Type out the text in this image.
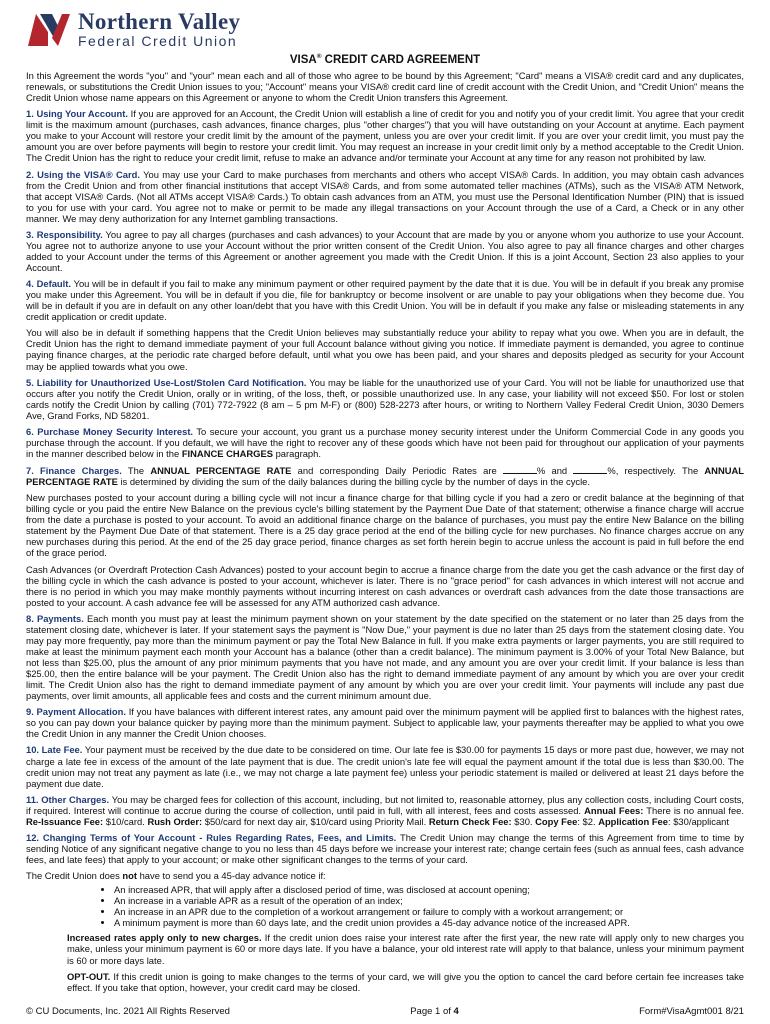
Northern Valley
Federal Credit Union
VISA® CREDIT CARD AGREEMENT

In this Agreement the words "you" and "your" mean each and all of those who agree to be bound by this Agreement; "Card" means a VISA® credit card and any duplicates, renewals, or substitutions the Credit Union issues to you; "Account" means your VISA® credit card line of credit account with the Credit Union, and "Credit Union" means the Credit Union whose name appears on this Agreement or anyone to whom the Credit Union transfers this Agreement.

1. Using Your Account. If you are approved for an Account, the Credit Union will establish a line of credit for you and notify you of your credit limit. You agree that your credit limit is the maximum amount (purchases, cash advances, finance charges, plus "other charges") that you will have outstanding on your Account at anytime. Each payment you make to your Account will restore your credit limit by the amount of the payment, unless you are over your credit limit. If you are over your credit limit, you must pay the amount you are over before payments will begin to restore your credit limit. You may request an increase in your credit limit only by a method acceptable to the Credit Union. The Credit Union has the right to reduce your credit limit, refuse to make an advance and/or terminate your Account at any time for any reason not prohibited by law.

2. Using the VISA® Card. You may use your Card to make purchases from merchants and others who accept VISA® Cards. In addition, you may obtain cash advances from the Credit Union and from other financial institutions that accept VISA® Cards, and from some automated teller machines (ATMs), such as the VISA® ATM Network, that accept VISA® Cards. (Not all ATMs accept VISA® Cards.) To obtain cash advances from an ATM, you must use the Personal Identification Number (PIN) that is issued to you for use with your card. You agree not to make or permit to be made any illegal transactions on your Account through the use of a Card, a Check or in any other manner. We may deny authorization for any Internet gambling transactions.

3. Responsibility. You agree to pay all charges (purchases and cash advances) to your Account that are made by you or anyone whom you authorize to use your Account. You agree not to authorize anyone to use your Account without the prior written consent of the Credit Union. You also agree to pay all finance charges and other charges added to your Account under the terms of this Agreement or another agreement you made with the Credit Union. If this is a joint Account, Section 23 also applies to your Account.

4. Default. You will be in default if you fail to make any minimum payment or other required payment by the date that it is due. You will be in default if you break any promise you make under this Agreement. You will be in default if you die, file for bankruptcy or become insolvent or are unable to pay your obligations when they become due. You will be in default if you are in default on any other loan/debt that you have with this Credit Union. You will be in default if you make any false or misleading statements in any credit application or credit update.

You will also be in default if something happens that the Credit Union believes may substantially reduce your ability to repay what you owe. When you are in default, the Credit Union has the right to demand immediate payment of your full Account balance without giving you notice. If immediate payment is demanded, you agree to continue paying finance charges, at the periodic rate charged before default, until what you owe has been paid, and your shares and deposits pledged as security for your Account may be applied towards what you owe.

5. Liability for Unauthorized Use-Lost/Stolen Card Notification. You may be liable for the unauthorized use of your Card. You will not be liable for unauthorized use that occurs after you notify the Credit Union, orally or in writing, of the loss, theft, or possible unauthorized use. In any case, your liability will not exceed $50. For lost or stolen cards notify the Credit Union by calling (701) 772-7922 (8 am – 5 pm M-F) or (800) 528-2273 after hours, or writing to Northern Valley Federal Credit Union, 3030 Demers Ave, Grand Forks, ND 58201.

6. Purchase Money Security Interest. To secure your account, you grant us a purchase money security interest under the Uniform Commercial Code in any goods you purchase through the account. If you default, we will have the right to recover any of these goods which have not been paid for throughout our application of your payments in the manner described below in the FINANCE CHARGES paragraph.

7. Finance Charges. The ANNUAL PERCENTAGE RATE and corresponding Daily Periodic Rates are	% and	%, respectively. The ANNUAL PERCENTAGE RATE is determined by dividing the sum of the daily balances during the billing cycle by the number of days in the cycle.

New purchases posted to your account during a billing cycle will not incur a finance charge for that billing cycle if you had a zero or credit balance at the beginning of that billing cycle or you paid the entire New Balance on the previous cycle's billing statement by the Payment Due Date of that statement; otherwise a finance charge will accrue from the date a purchase is posted to your account. To avoid an additional finance charge on the balance of purchases, you must pay the entire New Balance on the billing statement by the Payment Due Date of that statement. There is a 25 day grace period at the end of the billing cycle for new purchases. No finance charges accrue on any new purchases during this period. At the end of the 25 day grace period, finance charges as set forth herein begin to accrue unless the account is paid in full before the end of the grace period.

Cash Advances (or Overdraft Protection Cash Advances) posted to your account begin to accrue a finance charge from the date you get the cash advance or the first day of the billing cycle in which the cash advance is posted to your account, whichever is later. There is no "grace period" for cash advances in which interest will not accrue and there is no period in which you may make monthly payments without incurring interest on cash advances or overdraft cash advances from the date those transactions are posted to your account. A cash advance fee will be assessed for any ATM authorized cash advance.

8. Payments. Each month you must pay at least the minimum payment shown on your statement by the date specified on the statement or no later than 25 days from the statement closing date, whichever is later. If your statement says the payment is "Now Due," your payment is due no later than 25 days from the statement closing date. You may pay more frequently, pay more than the minimum payment or pay the Total New Balance in full. If you make extra payments or larger payments, you are still required to make at least the minimum payment each month your Account has a balance (other than a credit balance). The minimum payment is 3.00% of your Total New Balance, but not less than $25.00, plus the amount of any prior minimum payments that you have not made, and any amount you are over your credit limit. If your balance is less than $25.00, then the entire balance will be your payment. The Credit Union also has the right to demand immediate payment of any amount by which you are over your credit limit. The Credit Union also has the right to demand immediate payment of any amount by which you are over your credit limit. Your payments will include any past due payments, over limit amounts, all applicable fees and costs and the current minimum amount due.

9. Payment Allocation. If you have balances with different interest rates, any amount paid over the minimum payment will be applied first to balances with the highest rates, so you can pay down your balance quicker by paying more than the minimum payment. Subject to applicable law, your payments thereafter may be applied to what you owe the Credit Union in any manner the Credit Union chooses.

10. Late Fee. Your payment must be received by the due date to be considered on time. Our late fee is $30.00 for payments 15 days or more past due, however, we may not charge a late fee in excess of the amount of the late payment that is due. The credit union's late fee will equal the payment amount if the total due is less than $30.00. The credit union may not treat any payment as late (i.e., we may not charge a late payment fee) unless your periodic statement is mailed or delivered at least 21 days before the payment due date.

11. Other Charges. You may be charged fees for collection of this account, including, but not limited to, reasonable attorney, plus any collection costs, including Court costs, if required. Interest will continue to accrue during the course of collection, until paid in full, with all interest, fees and costs assessed. Annual Fees: There is no annual fee. Re-Issuance Fee: $10/card. Rush Order: $50/card for next day air, $10/card using Priority Mail. Return Check Fee: $30. Copy Fee: $2. Application Fee: $30/applicant

12. Changing Terms of Your Account - Rules Regarding Rates, Fees, and Limits. The Credit Union may change the terms of this Agreement from time to time by sending Notice of any significant negative change to you no less than 45 days before we increase your interest rate; change certain fees (such as annual fees, cash advance fees, and late fees) that apply to your account; or make other significant changes to the terms of your card.

The Credit Union does not have to send you a 45-day advance notice if:

• An increased APR, that will apply after a disclosed period of time, was disclosed at account opening;
• An increase in a variable APR as a result of the operation of an index;
• An increase in an APR due to the completion of a workout arrangement or failure to comply with a workout arrangement; or
• A minimum payment is more than 60 days late, and the credit union provides a 45-day advance notice of the increased APR.

Increased rates apply only to new charges. If the credit union does raise your interest rate after the first year, the new rate will apply only to new charges you make, unless your minimum payment is 60 or more days late. If you have a balance, your old interest rate will apply to that balance, unless your minimum payment is 60 or more days late.

OPT-OUT. If this credit union is going to make changes to the terms of your card, we will give you the option to cancel the card before certain fee increases take effect. If you take that option, however, your credit card may be closed.

© CU Documents, Inc. 2021 All Rights Reserved	Page 1 of 4	Form#VisaAgmt001 8/21
